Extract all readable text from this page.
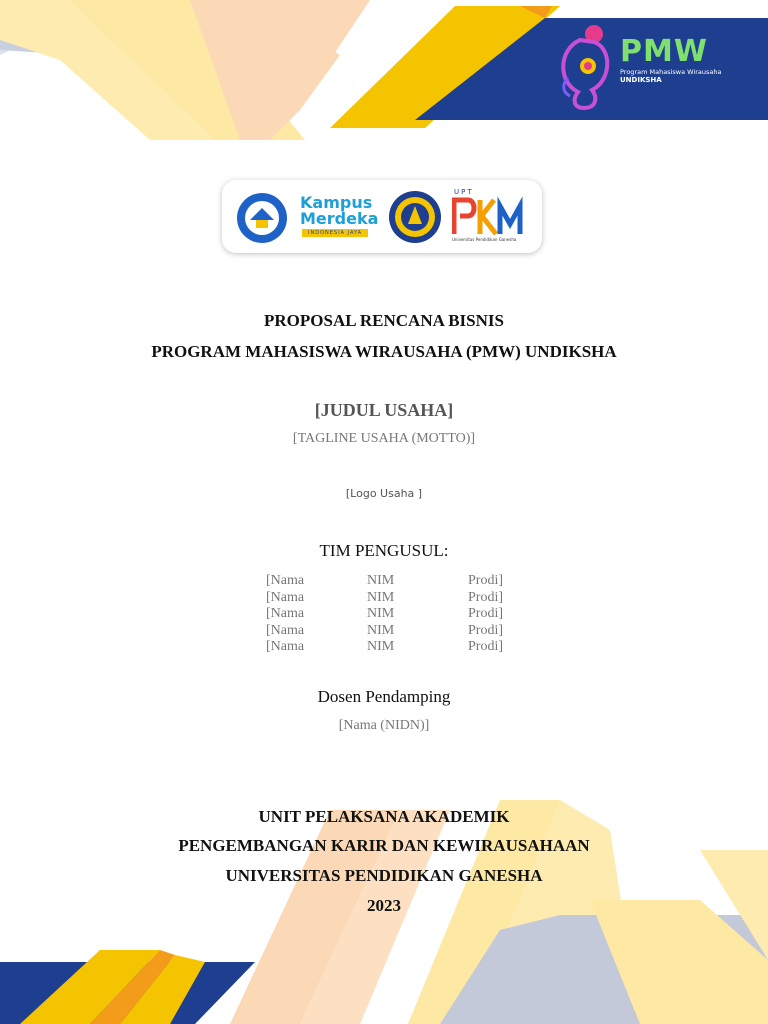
PMW
Program Mahasiswa Wirausaha
UNDIKSHA
Kampus
Merdeka
INDONESIA JAYA
UPT
Universitas Pendidikan Ganesha
PROPOSAL RENCANA BISNIS
PROGRAM MAHASISWA WIRAUSAHA (PMW) UNDIKSHA
[JUDUL USAHA]
[TAGLINE USAHA (MOTTO)]
[Logo Usaha ]
TIM PENGUSUL:
[Nama	NIM	Prodi]
[Nama	NIM	Prodi]
[Nama	NIM	Prodi]
[Nama	NIM	Prodi]
[Nama	NIM	Prodi]
Dosen Pendamping
[Nama (NIDN)]
UNIT PELAKSANA AKADEMIK
PENGEMBANGAN KARIR DAN KEWIRAUSAHAAN
UNIVERSITAS PENDIDIKAN GANESHA
2023
